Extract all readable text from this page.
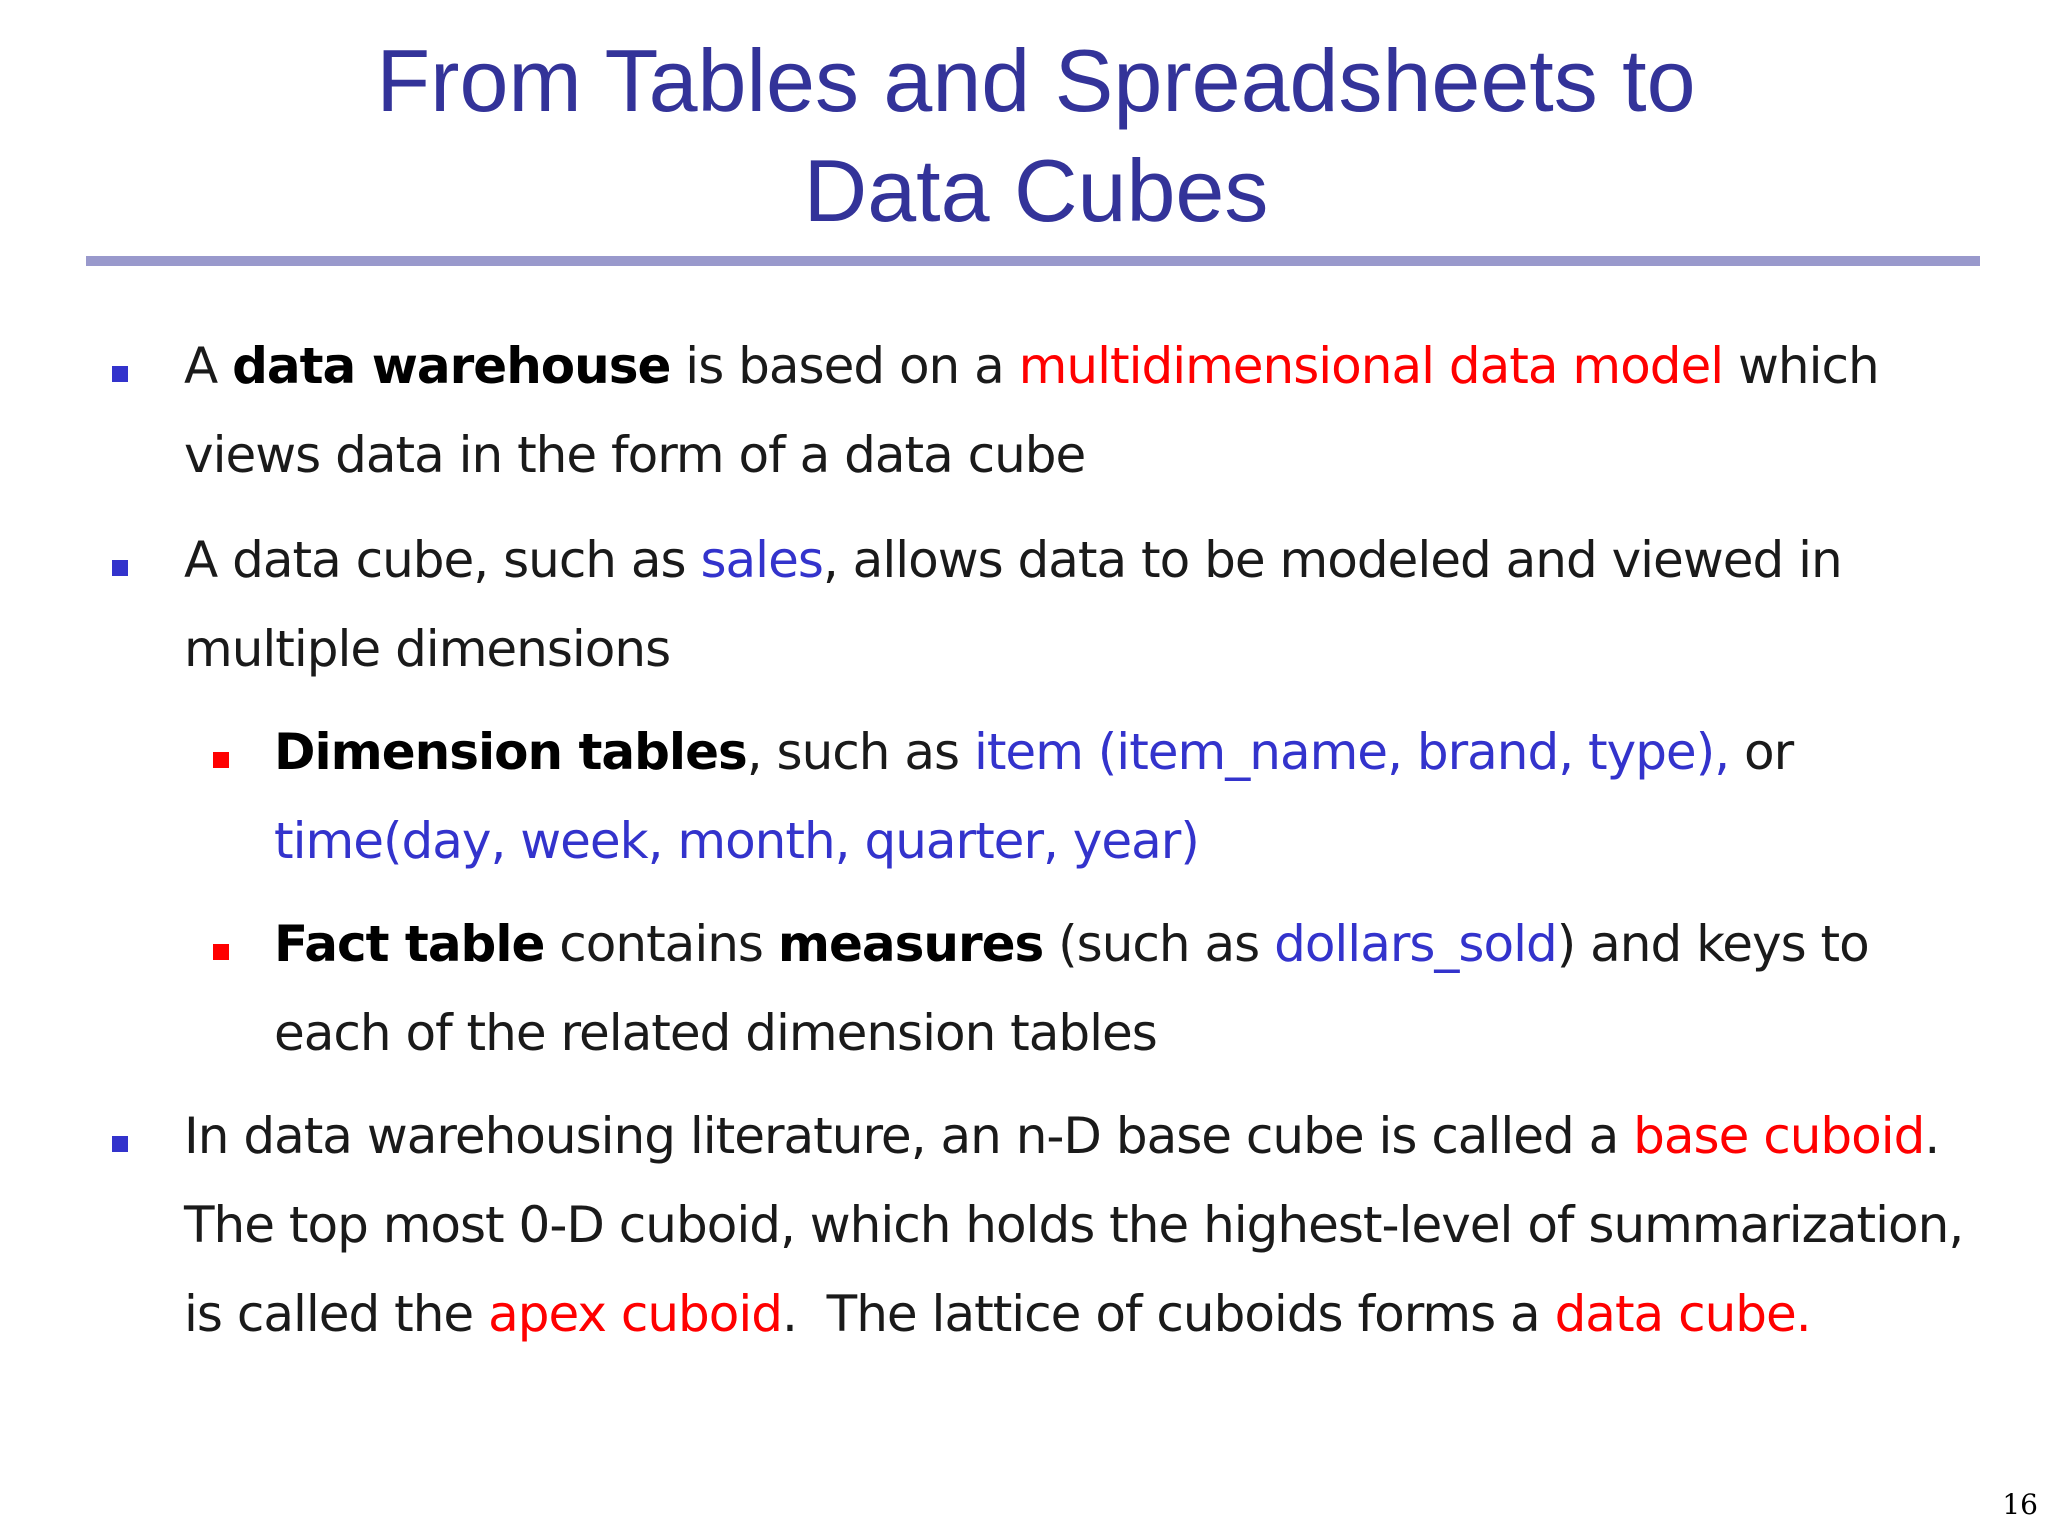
From Tables and Spreadsheets to
Data Cubes
A data warehouse is based on a multidimensional data model which views data in the form of a data cube
A data cube, such as sales, allows data to be modeled and viewed in multiple dimensions
Dimension tables, such as item (item_name, brand, type), or time(day, week, month, quarter, year)
Fact table contains measures (such as dollars_sold) and keys to each of the related dimension tables
In data warehousing literature, an n-D base cube is called a base cuboid. The top most 0-D cuboid, which holds the highest-level of summarization, is called the apex cuboid.  The lattice of cuboids forms a data cube.
16
